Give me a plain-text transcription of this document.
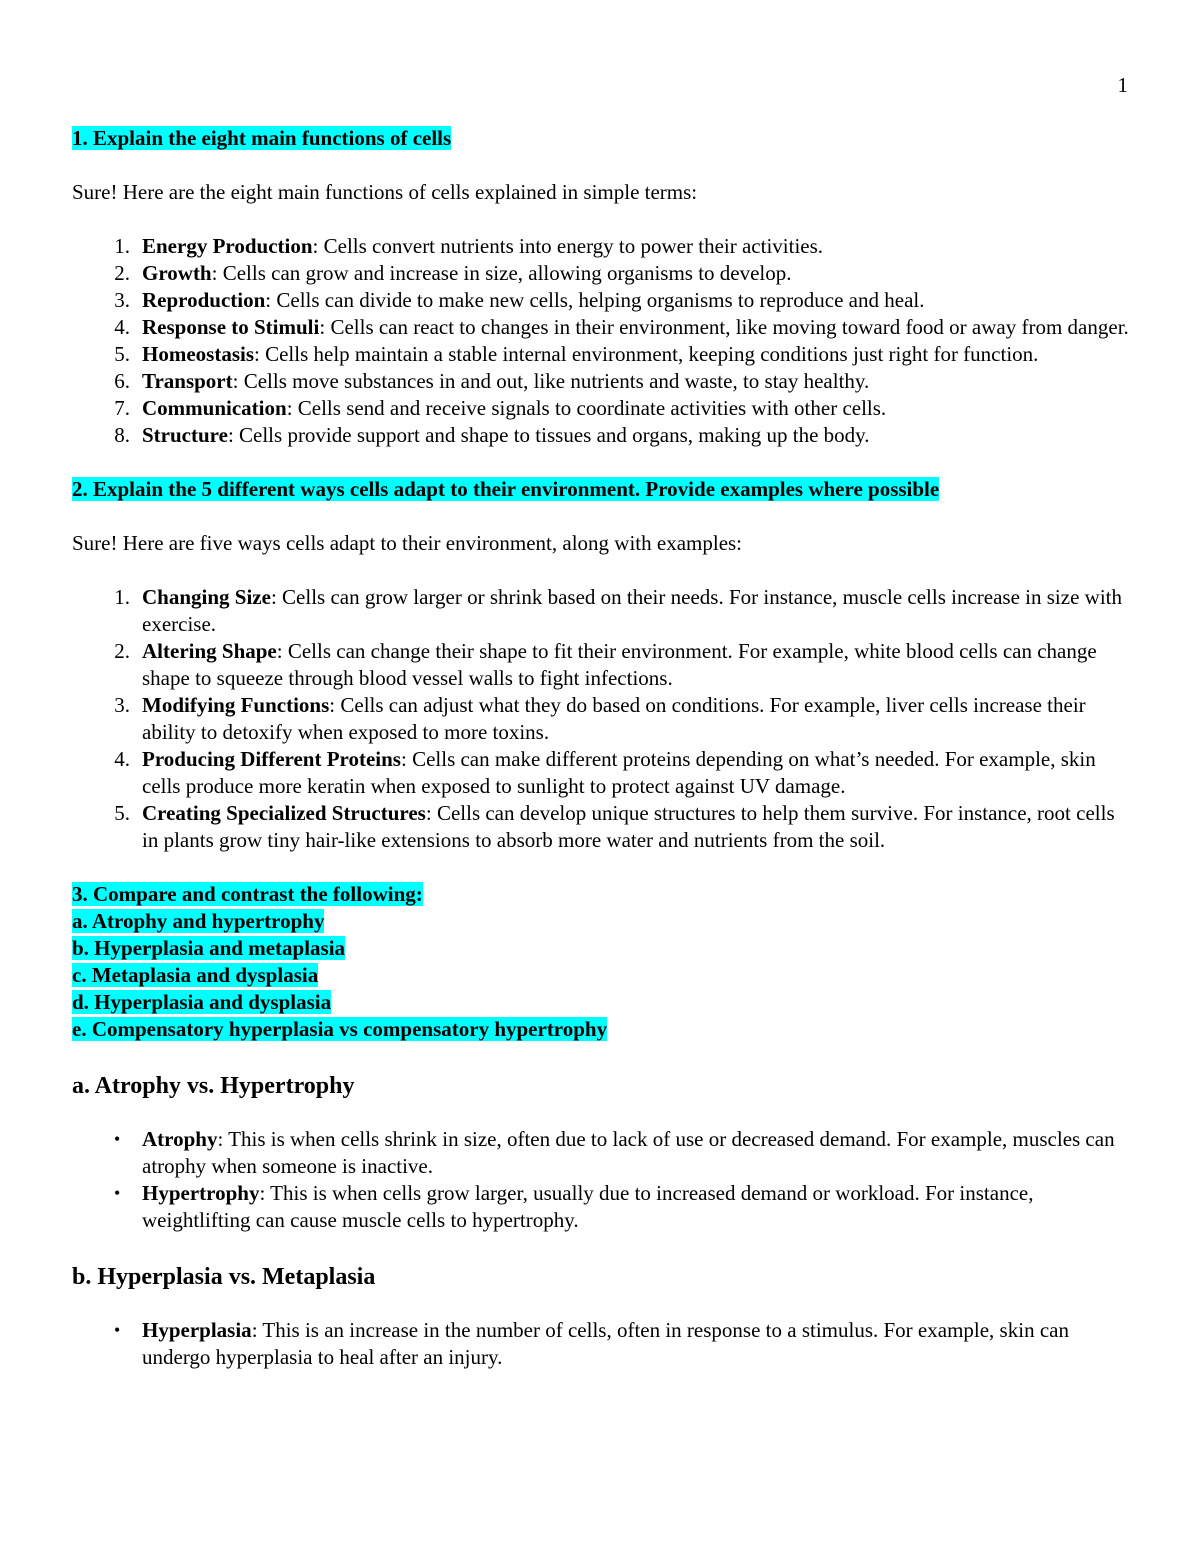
1
1. Explain the eight main functions of cells
Sure! Here are the eight main functions of cells explained in simple terms:
1. Energy Production: Cells convert nutrients into energy to power their activities.
2. Growth: Cells can grow and increase in size, allowing organisms to develop.
3. Reproduction: Cells can divide to make new cells, helping organisms to reproduce and heal.
4. Response to Stimuli: Cells can react to changes in their environment, like moving toward food or away from danger.
5. Homeostasis: Cells help maintain a stable internal environment, keeping conditions just right for function.
6. Transport: Cells move substances in and out, like nutrients and waste, to stay healthy.
7. Communication: Cells send and receive signals to coordinate activities with other cells.
8. Structure: Cells provide support and shape to tissues and organs, making up the body.
2. Explain the 5 different ways cells adapt to their environment. Provide examples where possible
Sure! Here are five ways cells adapt to their environment, along with examples:
1. Changing Size: Cells can grow larger or shrink based on their needs. For instance, muscle cells increase in size with exercise.
2. Altering Shape: Cells can change their shape to fit their environment. For example, white blood cells can change shape to squeeze through blood vessel walls to fight infections.
3. Modifying Functions: Cells can adjust what they do based on conditions. For example, liver cells increase their ability to detoxify when exposed to more toxins.
4. Producing Different Proteins: Cells can make different proteins depending on what’s needed. For example, skin cells produce more keratin when exposed to sunlight to protect against UV damage.
5. Creating Specialized Structures: Cells can develop unique structures to help them survive. For instance, root cells in plants grow tiny hair-like extensions to absorb more water and nutrients from the soil.
3. Compare and contrast the following:
a. Atrophy and hypertrophy
b. Hyperplasia and metaplasia
c. Metaplasia and dysplasia
d. Hyperplasia and dysplasia
e. Compensatory hyperplasia vs compensatory hypertrophy
a. Atrophy vs. Hypertrophy
• Atrophy: This is when cells shrink in size, often due to lack of use or decreased demand. For example, muscles can atrophy when someone is inactive.
• Hypertrophy: This is when cells grow larger, usually due to increased demand or workload. For instance, weightlifting can cause muscle cells to hypertrophy.
b. Hyperplasia vs. Metaplasia
• Hyperplasia: This is an increase in the number of cells, often in response to a stimulus. For example, skin can undergo hyperplasia to heal after an injury.
